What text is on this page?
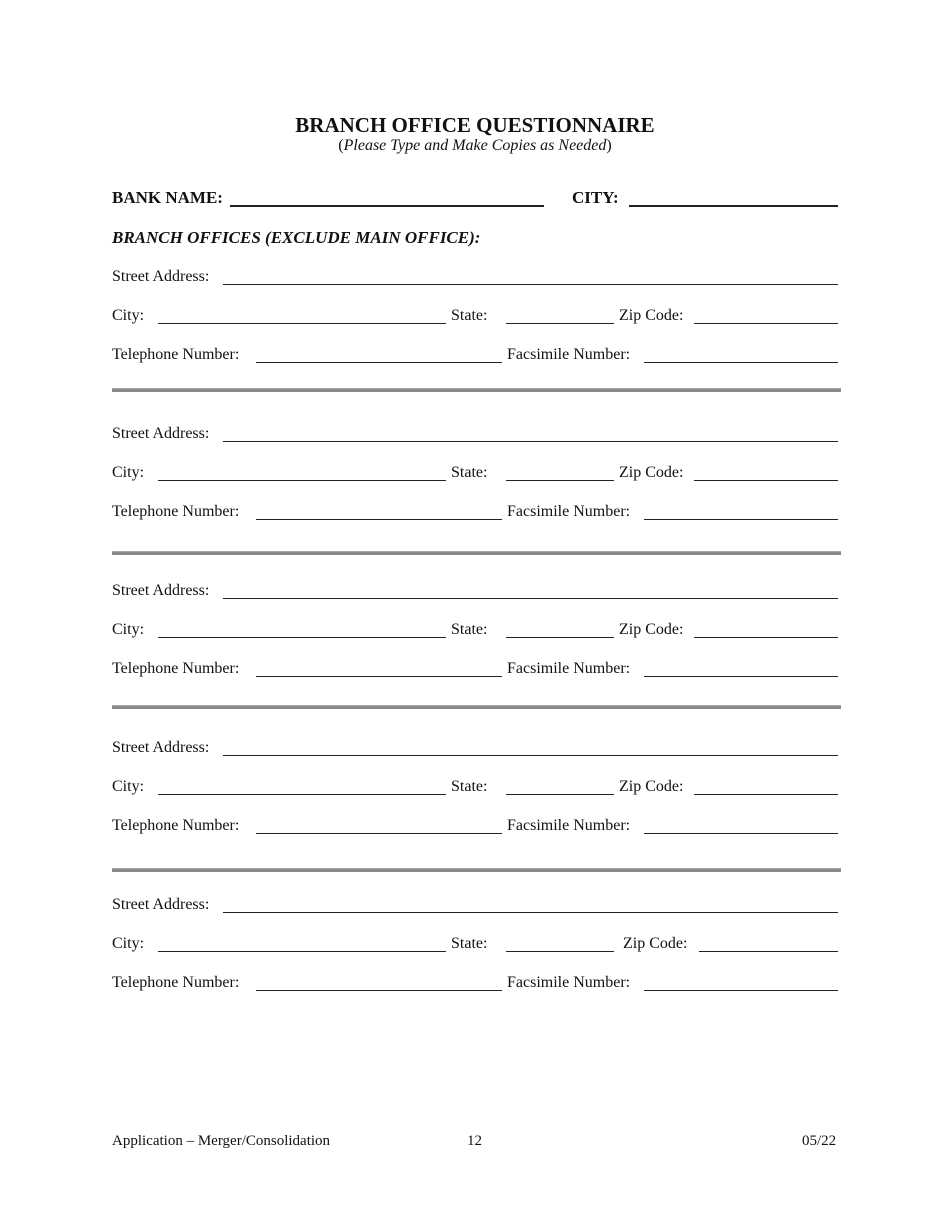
BRANCH OFFICE QUESTIONNAIRE
(Please Type and Make Copies as Needed)
BANK NAME:	CITY:
BRANCH OFFICES (EXCLUDE MAIN OFFICE):
Street Address:
City:	State:	Zip Code:
Telephone Number:	Facsimile Number:
Street Address:
City:	State:	Zip Code:
Telephone Number:	Facsimile Number:
Street Address:
City:	State:	Zip Code:
Telephone Number:	Facsimile Number:
Street Address:
City:	State:	Zip Code:
Telephone Number:	Facsimile Number:
Street Address:
City:	State:	Zip Code:
Telephone Number:	Facsimile Number:
Application – Merger/Consolidation	12	05/22
